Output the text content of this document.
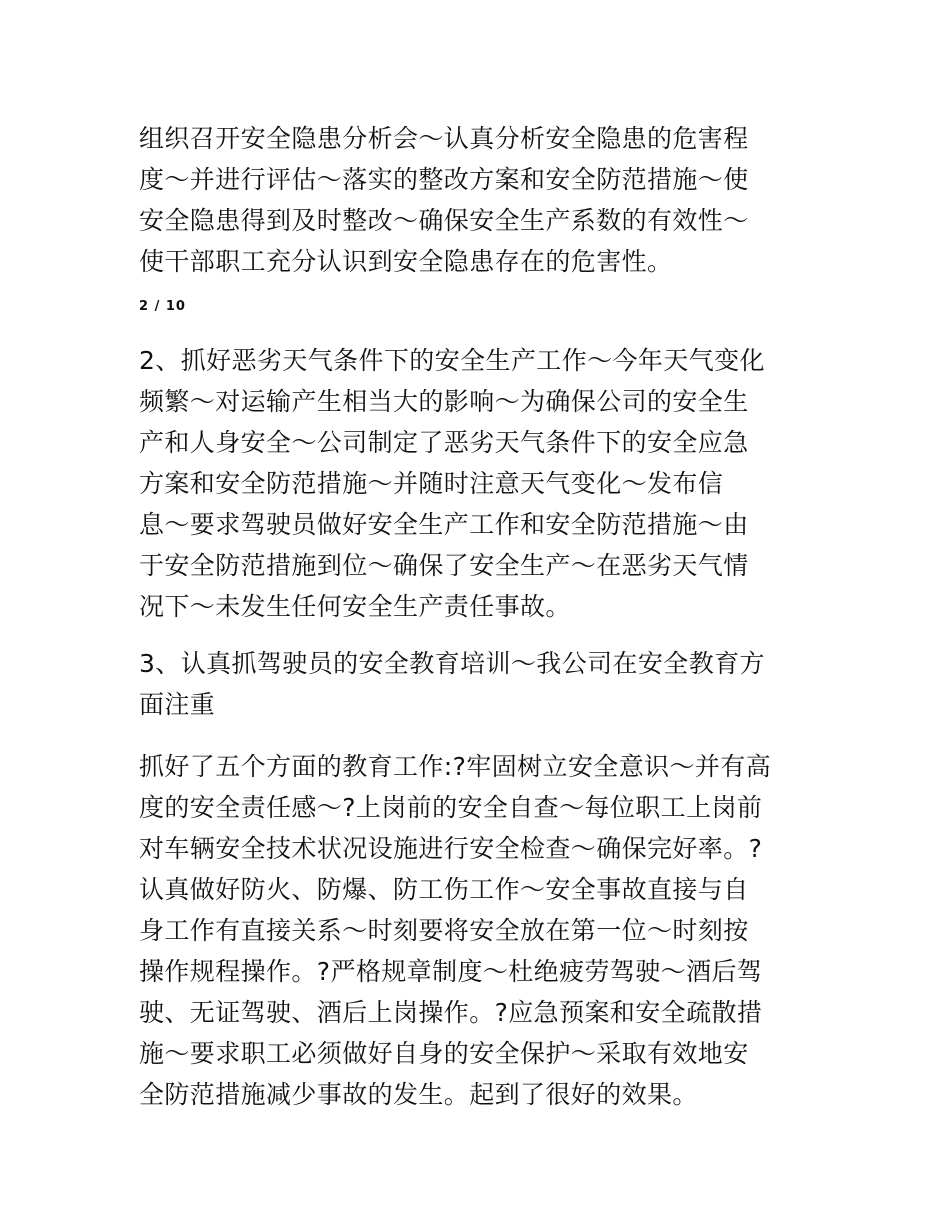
组织召开安全隐患分析会～认真分析安全隐患的危害程
度～并进行评估～落实的整改方案和安全防范措施～使
安全隐患得到及时整改～确保安全生产系数的有效性～
使干部职工充分认识到安全隐患存在的危害性。
2 / 10
2、抓好恶劣天气条件下的安全生产工作～今年天气变化
频繁～对运输产生相当大的影响～为确保公司的安全生
产和人身安全～公司制定了恶劣天气条件下的安全应急
方案和安全防范措施～并随时注意天气变化～发布信
息～要求驾驶员做好安全生产工作和安全防范措施～由
于安全防范措施到位～确保了安全生产～在恶劣天气情
况下～未发生任何安全生产责任事故。
3、认真抓驾驶员的安全教育培训～我公司在安全教育方
面注重
抓好了五个方面的教育工作:?牢固树立安全意识～并有高
度的安全责任感～?上岗前的安全自查～每位职工上岗前
对车辆安全技术状况设施进行安全检查～确保完好率。?
认真做好防火、防爆、防工伤工作～安全事故直接与自
身工作有直接关系～时刻要将安全放在第一位～时刻按
操作规程操作。?严格规章制度～杜绝疲劳驾驶～酒后驾
驶、无证驾驶、酒后上岗操作。?应急预案和安全疏散措
施～要求职工必须做好自身的安全保护～采取有效地安
全防范措施减少事故的发生。起到了很好的效果。
